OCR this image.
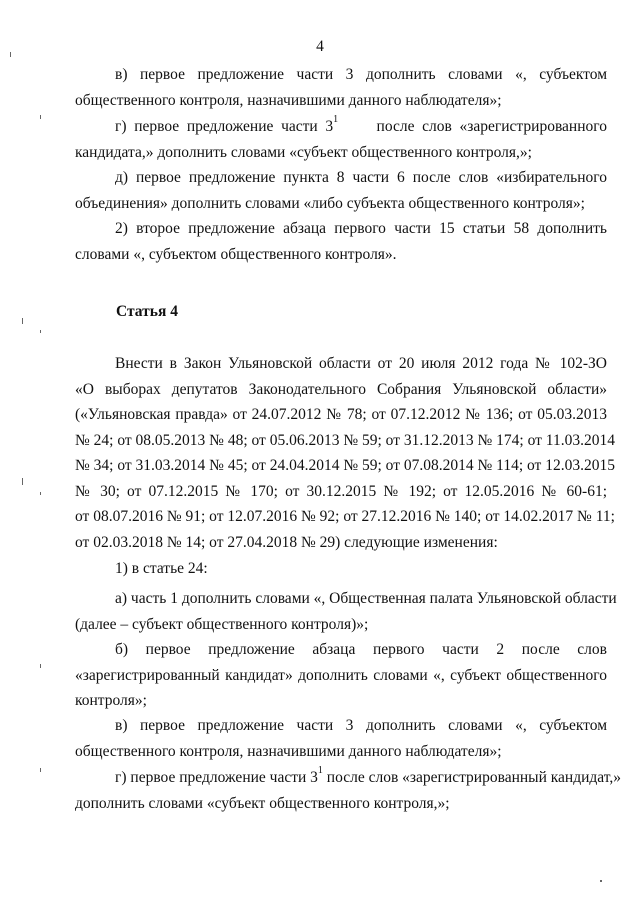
4
в) первое предложение части 3 дополнить словами «, субъектом
общественного контроля, назначившими данного наблюдателя»;
г) первое предложение части $3^1$ после слов «зарегистрированного
кандидата,» дополнить словами «субъект общественного контроля,»;
д) первое предложение пункта 8 части 6 после слов «избирательного
объединения» дополнить словами «либо субъекта общественного контроля»;
2) второе предложение абзаца первого части 15 статьи 58 дополнить
словами «, субъектом общественного контроля».
Статья 4
Внести в Закон Ульяновской области от 20 июля 2012 года № 102-ЗО
«О выборах депутатов Законодательного Собрания Ульяновской области»
(«Ульяновская правда» от 24.07.2012 № 78; от 07.12.2012 № 136; от 05.03.2013
№ 24; от 08.05.2013 № 48; от 05.06.2013 № 59; от 31.12.2013 № 174; от 11.03.2014
№ 34; от 31.03.2014 № 45; от 24.04.2014 № 59; от 07.08.2014 № 114; от 12.03.2015
№ 30; от 07.12.2015 № 170; от 30.12.2015 № 192; от 12.05.2016 № 60-61;
от 08.07.2016 № 91; от 12.07.2016 № 92; от 27.12.2016 № 140; от 14.02.2017 № 11;
от 02.03.2018 № 14; от 27.04.2018 № 29) следующие изменения:
1) в статье 24:
а) часть 1 дополнить словами «, Общественная палата Ульяновской области
(далее – субъект общественного контроля)»;
б) первое предложение абзаца первого части 2 после слов
«зарегистрированный кандидат» дополнить словами «, субъект общественного
контроля»;
в) первое предложение части 3 дополнить словами «, субъектом
общественного контроля, назначившими данного наблюдателя»;
г) первое предложение части $3^1$ после слов «зарегистрированный кандидат,»
дополнить словами «субъект общественного контроля,»;
